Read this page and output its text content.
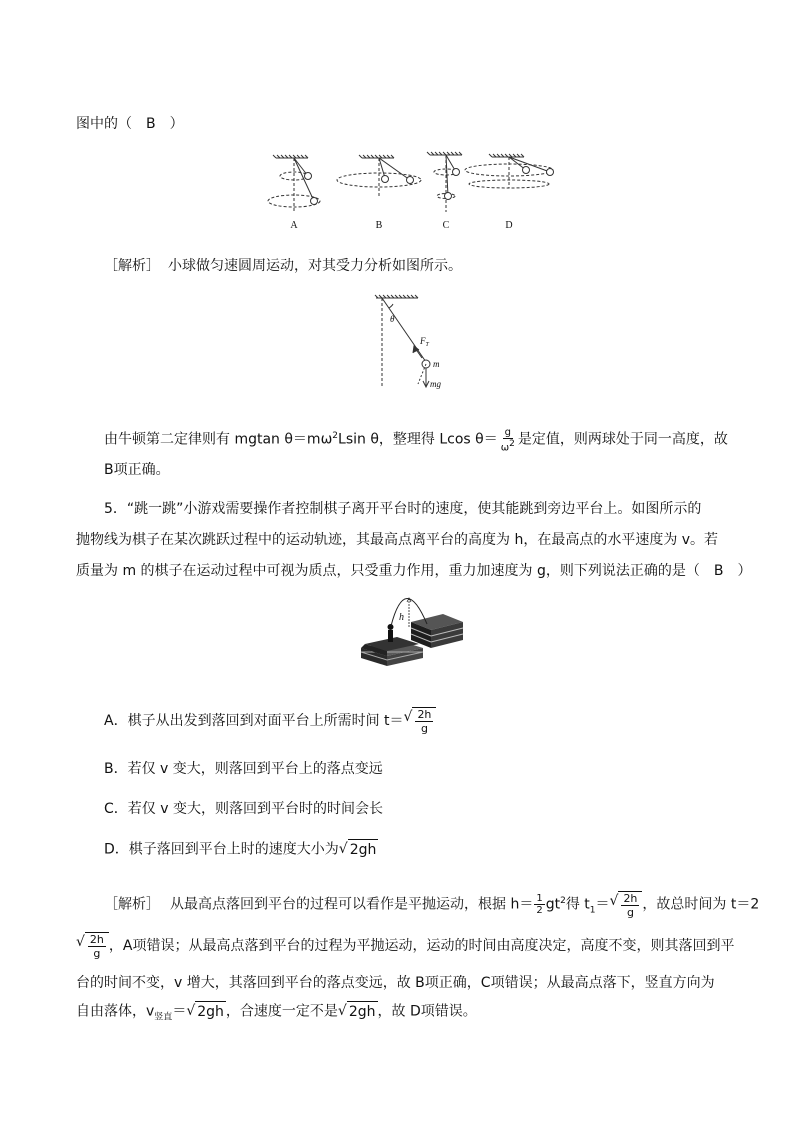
图中的（　B　）
A	B	C	D
［解析］ 小球做匀速圆周运动，对其受力分析如图所示。
θ
$F_T$
m
mg
由牛顿第二定律则有 mgtan $\theta=m\omega^2Lsin$ θ，整理得 Lcos $\theta= \frac{g}{\omega^2}$ 是定值，则两球处于同一高度，故
B项正确。
5．“跳一跳”小游戏需要操作者控制棋子离开平台时的速度，使其能跳到旁边平台上。如图所示的
抛物线为棋子在某次跳跃过程中的运动轨迹，其最高点离平台的高度为 h，在最高点的水平速度为 v。若
质量为 m 的棋子在运动过程中可视为质点，只受重力作用，重力加速度为 g，则下列说法正确的是（　B　）
h
A．棋子从出发到落回到对面平台上所需时间 t＝ √ $\frac{2h}{g}$
B．若仅 v 变大，则落回到平台上的落点变远
C．若仅 v 变大，则落回到平台时的时间会长
D．棋子落回到平台上时的速度大小为 √ 2gh
［解析］ 从最高点落回到平台的过程可以看作是平抛运动，根据 $h= \frac{1}{2} gt^2$得 $t_1=$ √ $\frac{2h}{g}$ ，故总时间为 t＝2
√ $\frac{2h}{g}$ ，A项错误；从最高点落到平台的过程为平抛运动，运动的时间由高度决定，高度不变，则其落回到平
台的时间不变，v 增大，其落回到平台的落点变远，故 B项正确，C项错误；从最高点落下，竖直方向为
自由落体，$v_{竖直}=$ √ 2gh ，合速度一定不是 √ 2gh ，故 D项错误。
